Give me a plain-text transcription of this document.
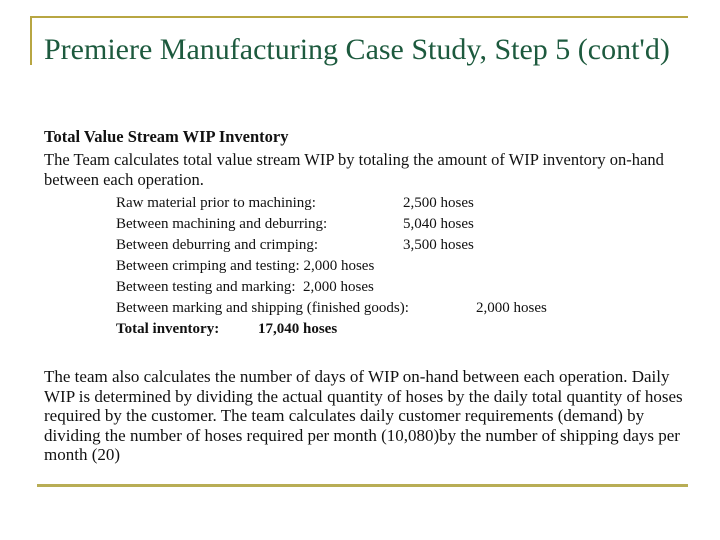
Premiere Manufacturing Case Study, Step 5 (cont'd)
Total Value Stream WIP Inventory
The Team calculates total value stream WIP by totaling the amount of WIP inventory on-hand between each operation.
Raw material prior to machining:	2,500 hoses
Between machining and deburring:	5,040 hoses
Between deburring and crimping:	3,500 hoses
Between crimping and testing: 2,000 hoses
Between testing and marking: 2,000 hoses
Between marking and shipping (finished goods):	2,000 hoses
Total inventory:	17,040 hoses
The team also calculates the number of days of WIP on-hand between each operation. Daily WIP is determined by dividing the actual quantity of hoses by the daily total quantity of hoses required by the customer. The team calculates daily customer requirements (demand) by dividing the number of hoses required per month (10,080)by the number of shipping days per month (20)
